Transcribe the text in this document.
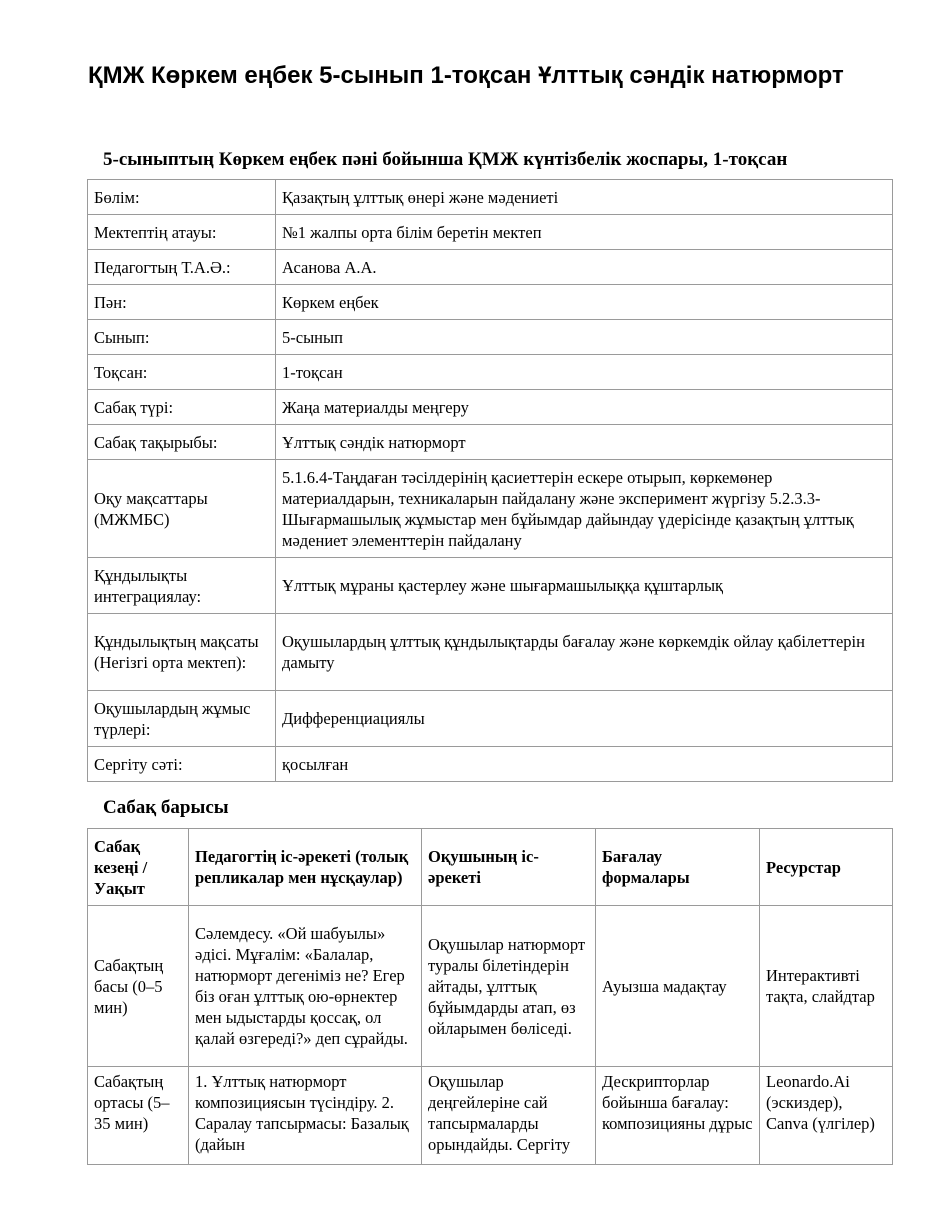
ҚМЖ Көркем еңбек 5-сынып 1-тоқсан Ұлттық сәндік натюрморт
5-сыныптың Көркем еңбек пәні бойынша ҚМЖ күнтізбелік жоспары, 1-тоқсан
Бөлім:	Қазақтың ұлттық өнері және мәдениеті
Мектептің атауы:	№1 жалпы орта білім беретін мектеп
Педагогтың Т.А.Ә.:	Асанова А.А.
Пән:	Көркем еңбек
Сынып:	5-сынып
Тоқсан:	1-тоқсан
Сабақ түрі:	Жаңа материалды меңгеру
Сабақ тақырыбы:	Ұлттық сәндік натюрморт
Оқу мақсаттары (МЖМБС)	5.1.6.4-Таңдаған тәсілдерінің қасиеттерін ескере отырып, көркемөнер материалдарын, техникаларын пайдалану және эксперимент жүргізу 5.2.3.3-Шығармашылық жұмыстар мен бұйымдар дайындау үдерісінде қазақтың ұлттық мәдениет элементтерін пайдалану
Құндылықты интеграциялау:	Ұлттық мұраны қастерлеу және шығармашылыққа құштарлық
Құндылықтың мақсаты (Негізгі орта мектеп):	Оқушылардың ұлттық құндылықтарды бағалау және көркемдік ойлау қабілеттерін дамыту
Оқушылардың жұмыс түрлері:	Дифференциациялы
Сергіту сәті:	қосылған
Сабақ барысы
Сабақ кезеңі / Уақыт	Педагогтің іс-әрекеті (толық репликалар мен нұсқаулар)	Оқушының іс-әрекеті	Бағалау формалары	Ресурстар
Сабақтың басы (0–5 мин)	Сәлемдесу. «Ой шабуылы» әдісі. Мұғалім: «Балалар, натюрморт дегеніміз не? Егер біз оған ұлттық ою-өрнектер мен ыдыстарды қоссақ, ол қалай өзгереді?» деп сұрайды.	Оқушылар натюрморт туралы білетіндерін айтады, ұлттық бұйымдарды атап, өз ойларымен бөліседі.	Ауызша мадақтау	Интерактивті тақта, слайдтар
Сабақтың ортасы (5–35 мин)	1. Ұлттық натюрморт композициясын түсіндіру. 2. Саралау тапсырмасы: Базалық (дайын	Оқушылар деңгейлеріне сай тапсырмаларды орындайды. Сергіту	Дескрипторлар бойынша бағалау: композицияны дұрыс	Leonardo.Ai (эскиздер), Canva (үлгілер)
